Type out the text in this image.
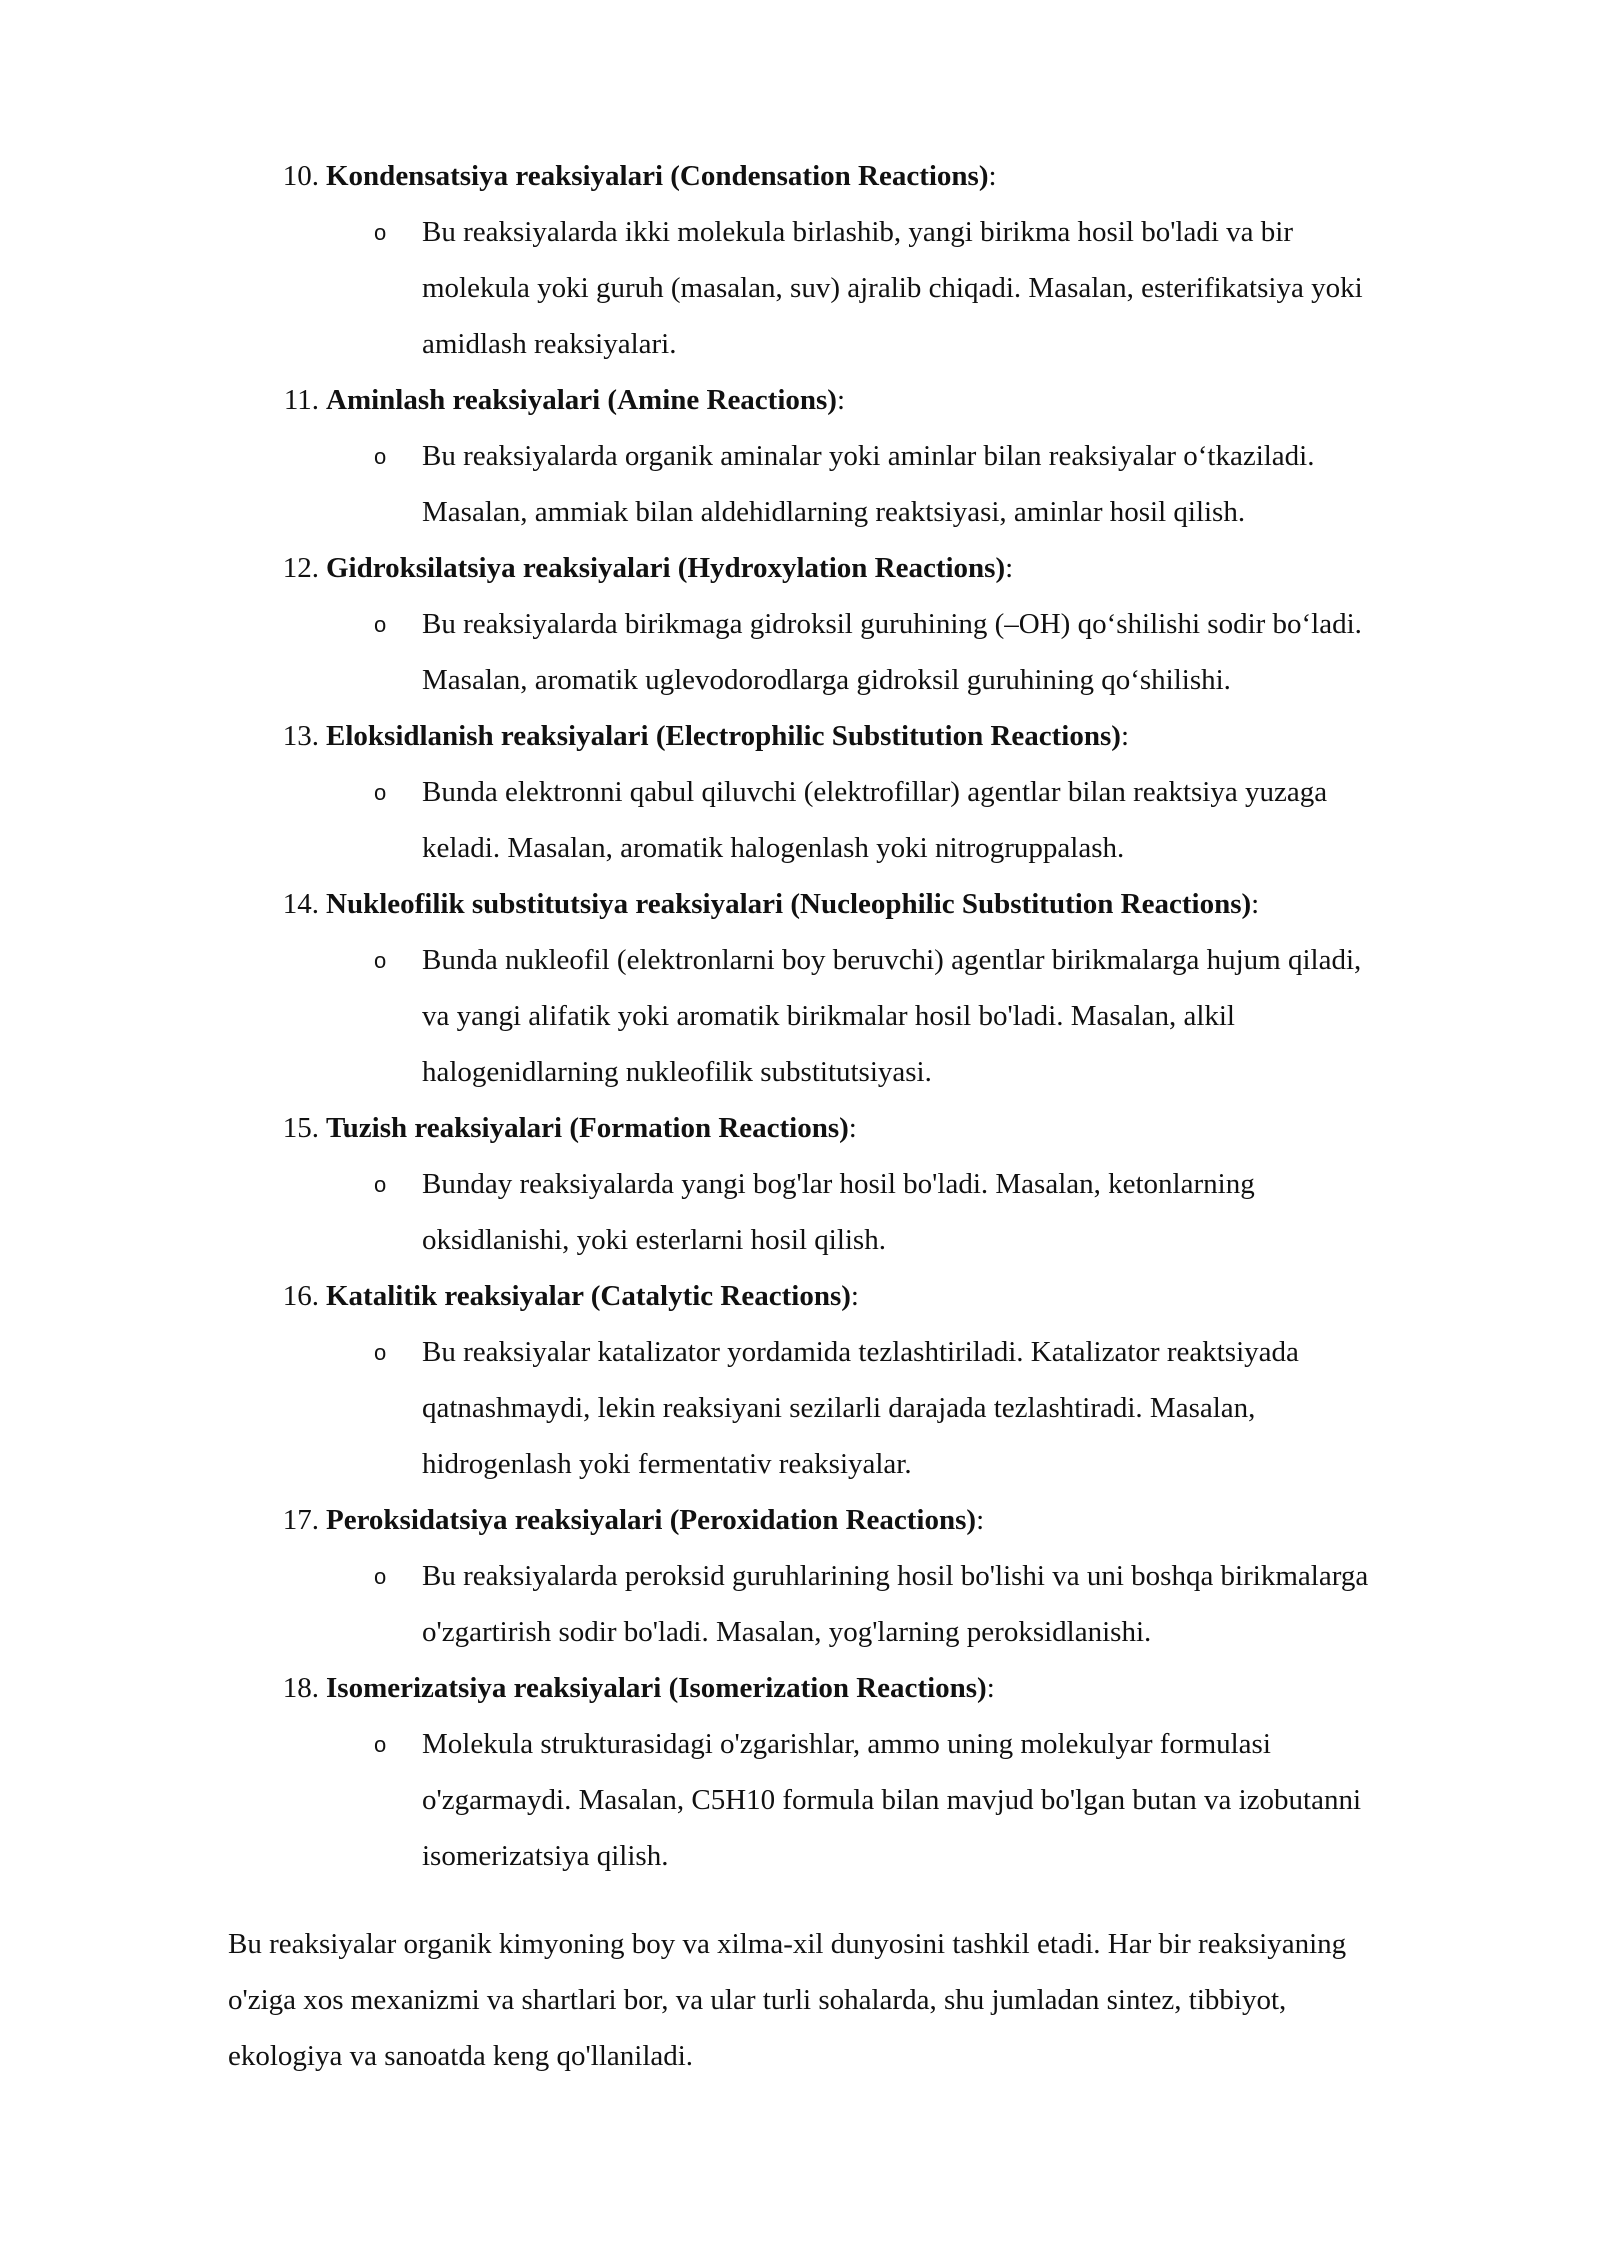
10. Kondensatsiya reaksiyalari (Condensation Reactions):
o Bu reaksiyalarda ikki molekula birlashib, yangi birikma hosil bo'ladi va bir
molekula yoki guruh (masalan, suv) ajralib chiqadi. Masalan, esterifikatsiya yoki
amidlash reaksiyalari.
11. Aminlash reaksiyalari (Amine Reactions):
o Bu reaksiyalarda organik aminalar yoki aminlar bilan reaksiyalar o‘tkaziladi.
Masalan, ammiak bilan aldehidlarning reaktsiyasi, aminlar hosil qilish.
12. Gidroksilatsiya reaksiyalari (Hydroxylation Reactions):
o Bu reaksiyalarda birikmaga gidroksil guruhining (–OH) qo‘shilishi sodir bo‘ladi.
Masalan, aromatik uglevodorodlarga gidroksil guruhining qo‘shilishi.
13. Eloksidlanish reaksiyalari (Electrophilic Substitution Reactions):
o Bunda elektronni qabul qiluvchi (elektrofillar) agentlar bilan reaktsiya yuzaga
keladi. Masalan, aromatik halogenlash yoki nitrogruppalash.
14. Nukleofilik substitutsiya reaksiyalari (Nucleophilic Substitution Reactions):
o Bunda nukleofil (elektronlarni boy beruvchi) agentlar birikmalarga hujum qiladi,
va yangi alifatik yoki aromatik birikmalar hosil bo'ladi. Masalan, alkil
halogenidlarning nukleofilik substitutsiyasi.
15. Tuzish reaksiyalari (Formation Reactions):
o Bunday reaksiyalarda yangi bog'lar hosil bo'ladi. Masalan, ketonlarning
oksidlanishi, yoki esterlarni hosil qilish.
16. Katalitik reaksiyalar (Catalytic Reactions):
o Bu reaksiyalar katalizator yordamida tezlashtiriladi. Katalizator reaktsiyada
qatnashmaydi, lekin reaksiyani sezilarli darajada tezlashtiradi. Masalan,
hidrogenlash yoki fermentativ reaksiyalar.
17. Peroksidatsiya reaksiyalari (Peroxidation Reactions):
o Bu reaksiyalarda peroksid guruhlarining hosil bo'lishi va uni boshqa birikmalarga
o'zgartirish sodir bo'ladi. Masalan, yog'larning peroksidlanishi.
18. Isomerizatsiya reaksiyalari (Isomerization Reactions):
o Molekula strukturasidagi o'zgarishlar, ammo uning molekulyar formulasi
o'zgarmaydi. Masalan, C5H10 formula bilan mavjud bo'lgan butan va izobutanni
isomerizatsiya qilish.
Bu reaksiyalar organik kimyoning boy va xilma-xil dunyosini tashkil etadi. Har bir reaksiyaning
o'ziga xos mexanizmi va shartlari bor, va ular turli sohalarda, shu jumladan sintez, tibbiyot,
ekologiya va sanoatda keng qo'llaniladi.
